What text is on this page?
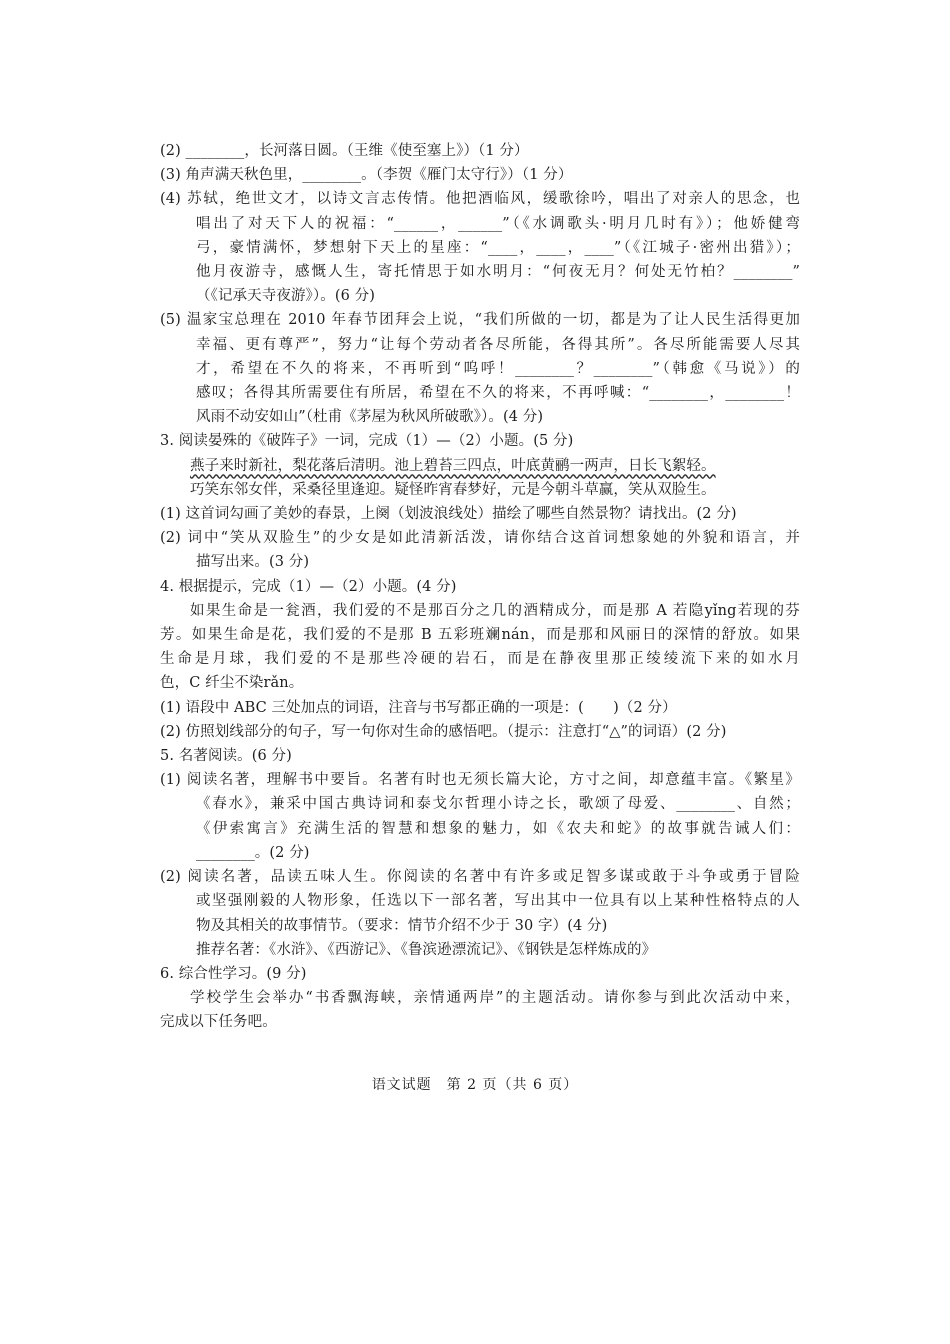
(2) ________，长河落日圆。（王维《使至塞上》）（1 分）
(3) 角声满天秋色里，________。（李贺《雁门太守行》）（1 分）
(4) 苏轼，绝世文才，以诗文言志传情。他把酒临风，缓歌徐吟，唱出了对亲人的思念，也
唱出了对天下人的祝福：“______，______”（《水调歌头·明月几时有》）；他娇健弯
弓，豪情满怀，梦想射下天上的星座：“____，____，____”（《江城子·密州出猎》）；
他月夜游寺，感慨人生，寄托情思于如水明月：“何夜无月？何处无竹柏？________”
（《记承天寺夜游》）。(6 分)
(5) 温家宝总理在 2010 年春节团拜会上说，“我们所做的一切，都是为了让人民生活得更加
幸福、更有尊严”，努力“让每个劳动者各尽所能，各得其所”。各尽所能需要人尽其
才，希望在不久的将来，不再听到“呜呼！________？________”（韩愈《马说》）的
感叹；各得其所需要住有所居，希望在不久的将来，不再呼喊：“________，________！
风雨不动安如山”（杜甫《茅屋为秋风所破歌》）。(4 分)
3. 阅读晏殊的《破阵子》一词，完成（1）—（2）小题。(5 分)
燕子来时新社，梨花落后清明。池上碧苔三四点，叶底黄鹂一两声，日长飞絮轻。
巧笑东邻女伴，采桑径里逢迎。疑怪昨宵春梦好，元是今朝斗草赢，笑从双脸生。
(1) 这首词勾画了美妙的春景，上阕（划波浪线处）描绘了哪些自然景物？请找出。(2 分)
(2) 词中“笑从双脸生”的少女是如此清新活泼，请你结合这首词想象她的外貌和语言，并
描写出来。(3 分)
4. 根据提示，完成（1）—（2）小题。(4 分)
如果生命是一瓮酒，我们爱的不是那百分之几的酒精成分，而是那 A 若隐yǐng若现的芬
芳。如果生命是花，我们爱的不是那 B 五彩班斓nán，而是那和风丽日的深情的舒放。如果
生命是月球，我们爱的不是那些冷硬的岩石，而是在静夜里那正绫绫流下来的如水月
色，C 纤尘不染rǎn。
(1) 语段中 ABC 三处加点的词语，注音与书写都正确的一项是：(　　)（2 分）
(2) 仿照划线部分的句子，写一句你对生命的感悟吧。（提示：注意打“△”的词语）(2 分)
5. 名著阅读。(6 分)
(1) 阅读名著，理解书中要旨。名著有时也无须长篇大论，方寸之间，却意蕴丰富。《繁星》
《春水》，兼采中国古典诗词和泰戈尔哲理小诗之长，歌颂了母爱、________、自然；
《伊索寓言》充满生活的智慧和想象的魅力，如《农夫和蛇》的故事就告诫人们：
________。(2 分)
(2) 阅读名著，品读五味人生。你阅读的名著中有许多或足智多谋或敢于斗争或勇于冒险
或坚强刚毅的人物形象，任选以下一部名著，写出其中一位具有以上某种性格特点的人
物及其相关的故事情节。（要求：情节介绍不少于 30 字）(4 分)
推荐名著：《水浒》、《西游记》、《鲁滨逊漂流记》、《钢铁是怎样炼成的》
6. 综合性学习。(9 分)
学校学生会举办“书香飘海峡，亲情通两岸”的主题活动。请你参与到此次活动中来，
完成以下任务吧。
语文试题　第 2 页（共 6 页）
